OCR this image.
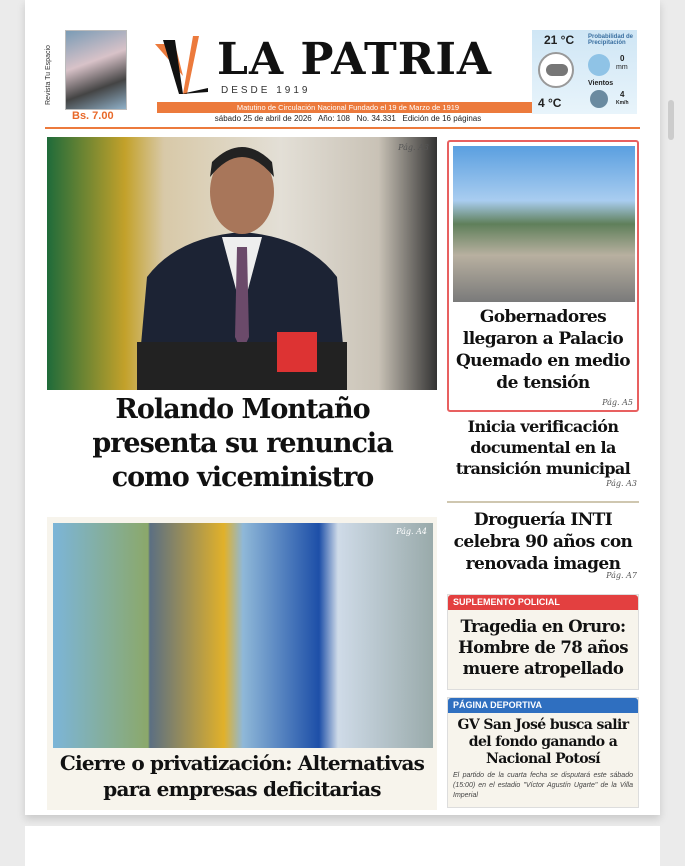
Revista Tu Espacio
Bs. 7.00
LA PATRIA
DESDE 1919
Matutino de Circulación Nacional Fundado el 19 de Marzo de 1919
sábado 25 de abril de 2026 Año: 108 No. 34.331 Edición de 16 páginas
21 °C Probabilidad de Precipitación
0
mm
Vientos
4
Km/h
4 °C
Pág. A3
Rolando Montaño presenta su renuncia como viceministro
Gobernadores llegaron a Palacio Quemado en medio de tensión
Pág. A5
Inicia verificación documental en la transición municipal
Pág. A3
Droguería INTI celebra 90 años con renovada imagen
Pág. A7
SUPLEMENTO POLICIAL
Tragedia en Oruro: Hombre de 78 años muere atropellado
PÁGINA DEPORTIVA
GV San José busca salir del fondo ganando a Nacional Potosí
El partido de la cuarta fecha se disputará este sábado (15:00) en el estadio "Víctor Agustín Ugarte" de la Villa Imperial
Pág. A4
Cierre o privatización: Alternativas para empresas deficitarias
